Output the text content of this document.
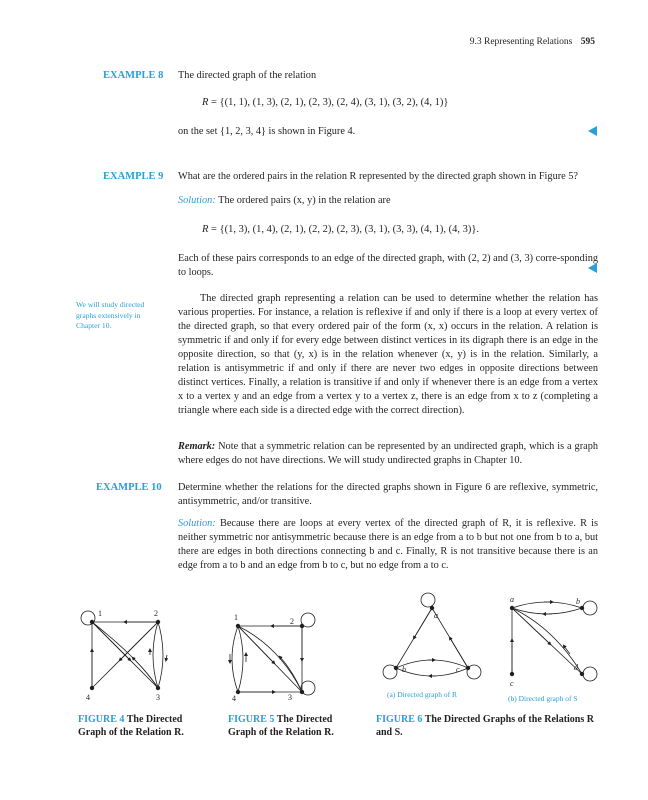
9.3 Representing Relations 595
EXAMPLE 8 The directed graph of the relation
R = {(1, 1), (1, 3), (2, 1), (2, 3), (2, 4), (3, 1), (3, 2), (4, 1)}
on the set {1, 2, 3, 4} is shown in Figure 4.
EXAMPLE 9 What are the ordered pairs in the relation R represented by the directed graph shown in Figure 5?
Solution: The ordered pairs (x, y) in the relation are
R = {(1, 3), (1, 4), (2, 1), (2, 2), (2, 3), (3, 1), (3, 3), (4, 1), (4, 3)}.
Each of these pairs corresponds to an edge of the directed graph, with (2, 2) and (3, 3) corre-sponding to loops.
We will study directed graphs extensively in Chapter 10.
The directed graph representing a relation can be used to determine whether the relation has various properties. For instance, a relation is reflexive if and only if there is a loop at every vertex of the directed graph, so that every ordered pair of the form (x, x) occurs in the relation. A relation is symmetric if and only if for every edge between distinct vertices in its digraph there is an edge in the opposite direction, so that (y, x) is in the relation whenever (x, y) is in the relation. Similarly, a relation is antisymmetric if and only if there are never two edges in opposite directions between distinct vertices. Finally, a relation is transitive if and only if whenever there is an edge from a vertex x to a vertex y and an edge from a vertex y to a vertex z, there is an edge from x to z (completing a triangle where each side is a directed edge with the correct direction).
Remark: Note that a symmetric relation can be represented by an undirected graph, which is a graph where edges do not have directions. We will study undirected graphs in Chapter 10.
EXAMPLE 10 Determine whether the relations for the directed graphs shown in Figure 6 are reflexive, symmetric, antisymmetric, and/or transitive.
Solution: Because there are loops at every vertex of the directed graph of R, it is reflexive. R is neither symmetric nor antisymmetric because there is an edge from a to b but not one from b to a, but there are edges in both directions connecting b and c. Finally, R is not transitive because there is an edge from a to b and an edge from b to c, but no edge from a to c.
1	2
3
4
1	2
3
4
a
b	c
(a) Directed graph of R
a	b
c
d
(b) Directed graph of S
FIGURE 4 The Directed Graph of the Relation R.
FIGURE 5 The Directed Graph of the Relation R.
FIGURE 6 The Directed Graphs of the Relations R and S.
